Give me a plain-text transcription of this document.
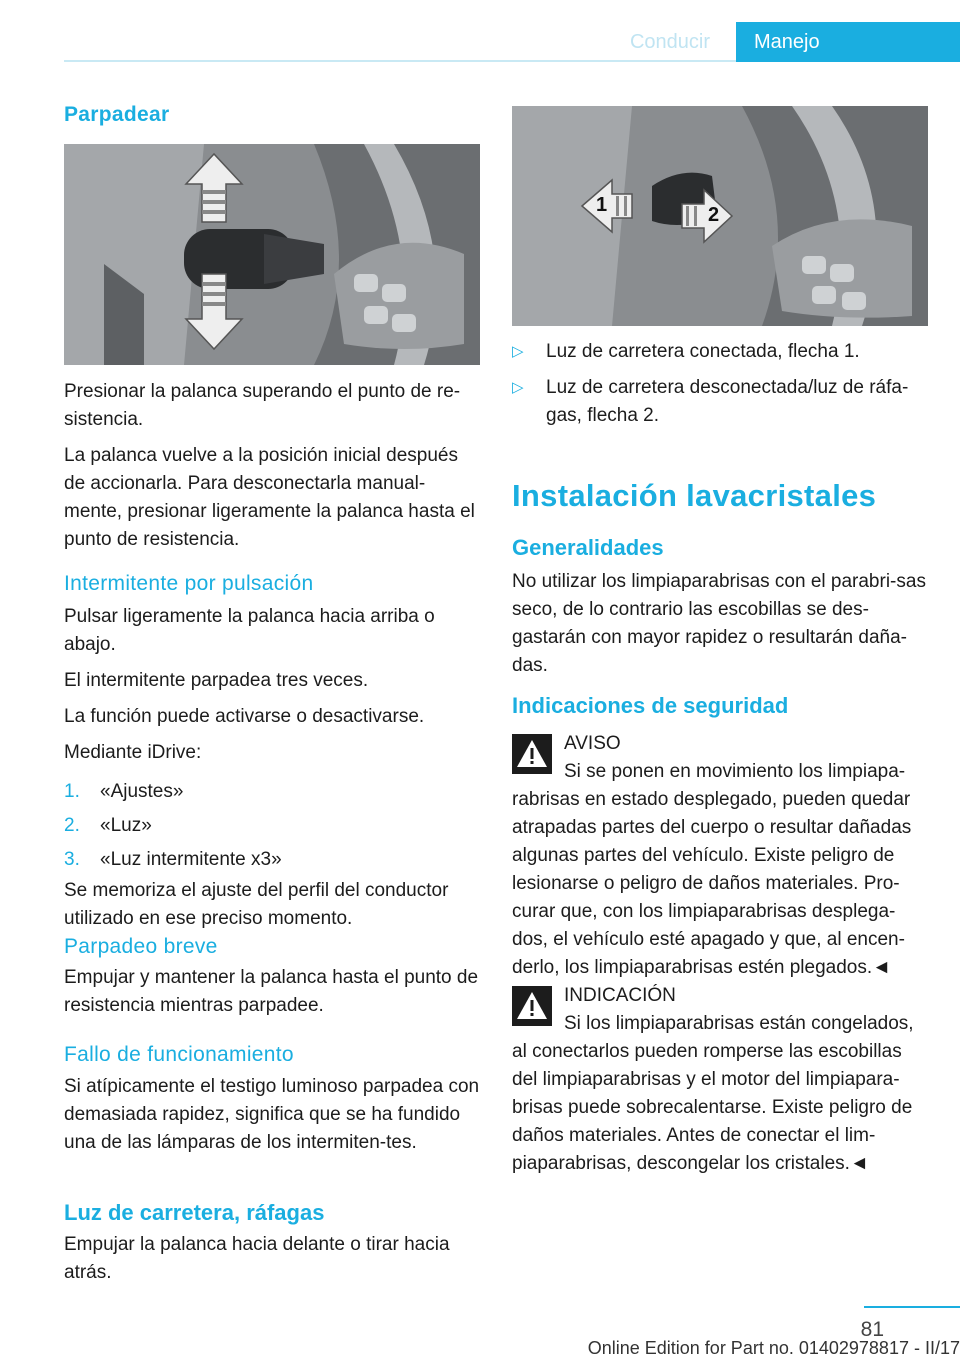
Conducir	Manejo
Parpadear

Presionar la palanca superando el punto de re-sistencia.

La palanca vuelve a la posición inicial después de accionarla. Para desconectarla manual-mente, presionar ligeramente la palanca hasta el punto de resistencia.

Intermitente por pulsación

Pulsar ligeramente la palanca hacia arriba o abajo.

El intermitente parpadea tres veces.

La función puede activarse o desactivarse.

Mediante iDrive:

1.	«Ajustes»
2.	«Luz»
3.	«Luz intermitente x3»

Se memoriza el ajuste del perfil del conductor utilizado en ese preciso momento.

Parpadeo breve

Empujar y mantener la palanca hasta el punto de resistencia mientras parpadee.

Fallo de funcionamiento

Si atípicamente el testigo luminoso parpadea con demasiada rapidez, significa que se ha fundido una de las lámparas de los intermiten-tes.

Luz de carretera, ráfagas

Empujar la palanca hacia delante o tirar hacia atrás.

1	2
▷	Luz de carretera conectada, flecha 1.
▷	Luz de carretera desconectada/luz de ráfa-gas, flecha 2.
Instalación lavacristales
Generalidades

No utilizar los limpiaparabrisas con el parabri-sas seco, de lo contrario las escobillas se des-gastarán con mayor rapidez o resultarán daña-das.

Indicaciones de seguridad

AVISO

Si se ponen en movimiento los limpiapa-rabrisas en estado desplegado, pueden quedar atrapadas partes del cuerpo o resultar dañadas algunas partes del vehículo. Existe peligro de lesionarse o peligro de daños materiales. Pro-curar que, con los limpiaparabrisas desplega-dos, el vehículo esté apagado y que, al encen-derlo, los limpiaparabrisas estén plegados.◄

INDICACIÓN

Si los limpiaparabrisas están congelados, al conectarlos pueden romperse las escobillas del limpiaparabrisas y el motor del limpiapara-brisas puede sobrecalentarse. Existe peligro de daños materiales. Antes de conectar el lim-piaparabrisas, descongelar los cristales.◄

81
Online Edition for Part no. 01402978817 - II/17
